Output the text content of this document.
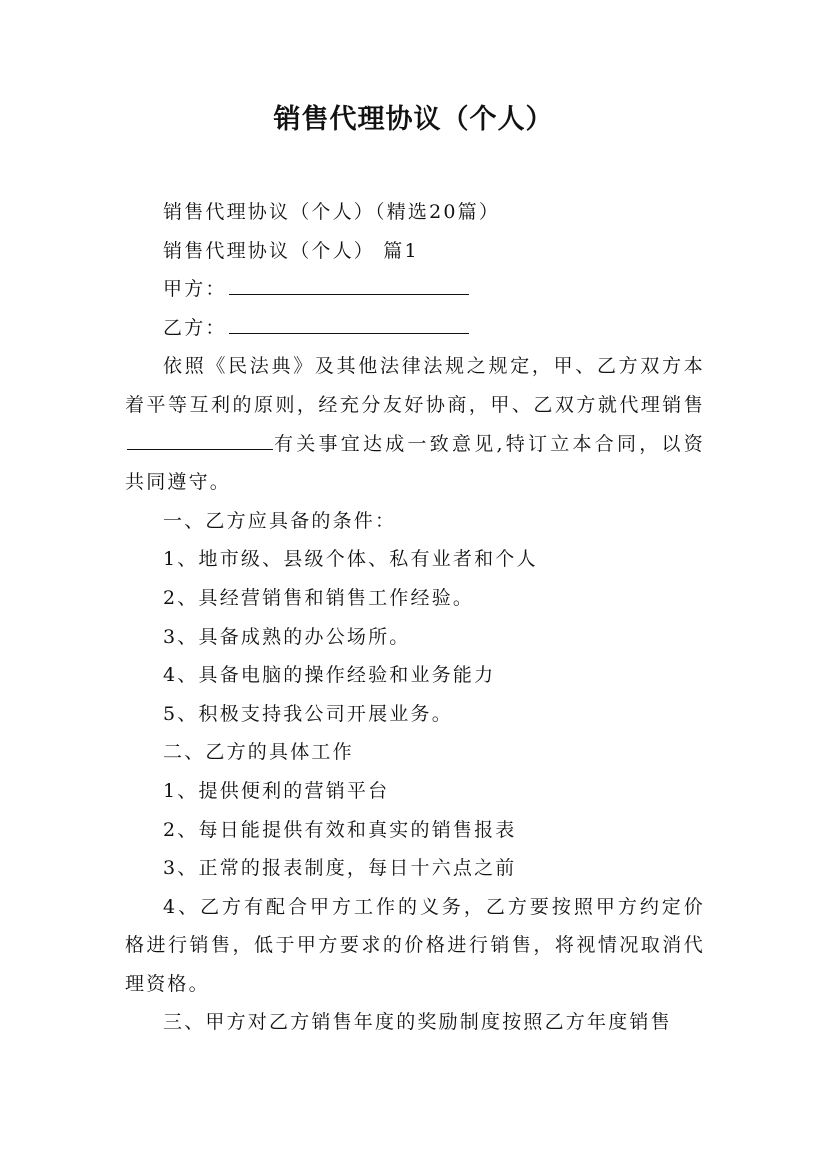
销售代理协议（个人）

销售代理协议（个人）（精选20篇）

销售代理协议（个人） 篇1

甲方：

乙方：

依照《民法典》及其他法律法规之规定，甲、乙方双方本着平等互利的原则，经充分友好协商，甲、乙双方就代理销售有关事宜达成一致意见,特订立本合同，以资共同遵守。

一、乙方应具备的条件：

1、地市级、县级个体、私有业者和个人

2、具经营销售和销售工作经验。

3、具备成熟的办公场所。

4、具备电脑的操作经验和业务能力

5、积极支持我公司开展业务。

二、乙方的具体工作

1、提供便利的营销平台

2、每日能提供有效和真实的销售报表

3、正常的报表制度，每日十六点之前

4、乙方有配合甲方工作的义务，乙方要按照甲方约定价格进行销售，低于甲方要求的价格进行销售，将视情况取消代理资格。

三、甲方对乙方销售年度的奖励制度按照乙方年度销售
